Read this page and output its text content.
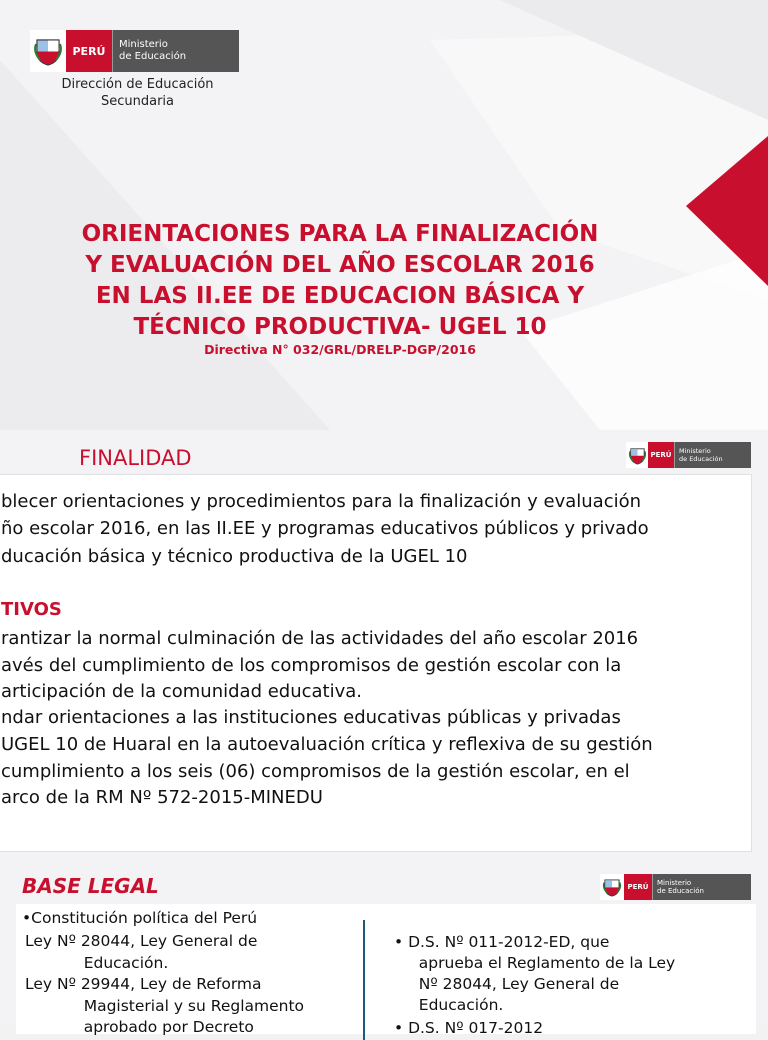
PERÚ	Ministerio
de Educación
Dirección de Educación
Secundaria
ORIENTACIONES PARA LA FINALIZACIÓN
Y EVALUACIÓN DEL AÑO ESCOLAR 2016
EN LAS II.EE DE EDUCACION BÁSICA Y
TÉCNICO PRODUCTIVA- UGEL 10
Directiva N° 032/GRL/DRELP-DGP/2016
FINALIDAD	PERÚ	Ministerio
de Educación
blecer orientaciones y procedimientos para la finalización y evaluación
ño escolar 2016, en las II.EE y programas educativos públicos y privado
ducación básica y técnico productiva de la UGEL 10
TIVOS
rantizar la normal culminación de las actividades del año escolar 2016
avés del cumplimiento de los compromisos de gestión escolar con la
articipación de la comunidad educativa.
ndar orientaciones a las instituciones educativas públicas y privadas
UGEL 10 de Huaral en la autoevaluación crítica y reflexiva de su gestión
cumplimiento a los seis (06) compromisos de la gestión escolar, en el
arco de la RM Nº 572-2015-MINEDU
BASE LEGAL	PERÚ	Ministerio
de Educación
•Constitución política del Perú
Ley Nº 28044, Ley General de
Educación.
Ley Nº 29944, Ley de Reforma
Magisterial y su Reglamento
aprobado por Decreto
• D.S. Nº 011-2012-ED, que
aprueba el Reglamento de la Ley
Nº 28044, Ley General de
Educación.
• D.S. Nº 017-2012
